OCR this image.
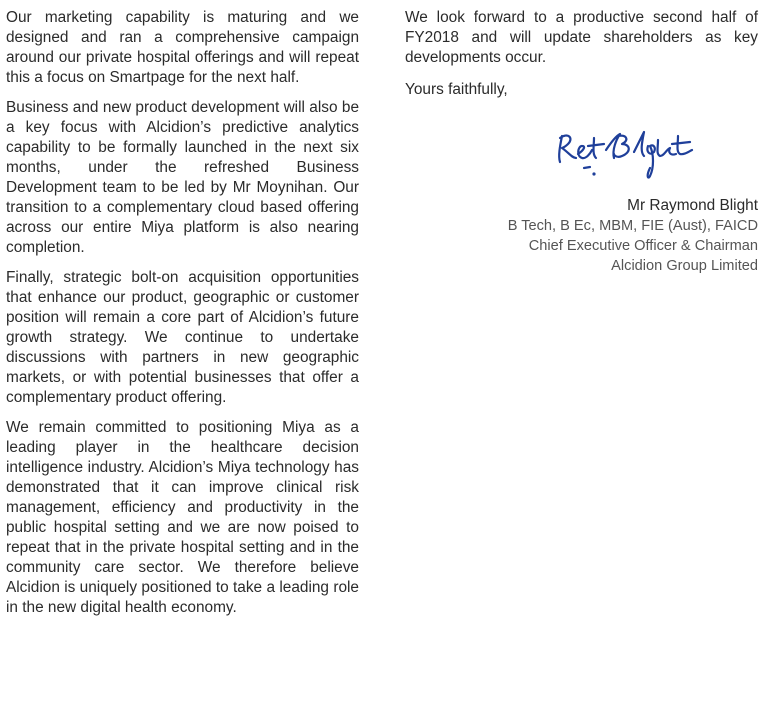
Our marketing capability is maturing and we designed and ran a comprehensive campaign around our private hospital offerings and will repeat this a focus on Smartpage for the next half.

Business and new product development will also be a key focus with Alcidion’s predictive analytics capability to be formally launched in the next six months, under the refreshed Business Development team to be led by Mr Moynihan. Our transition to a complementary cloud based offering across our entire Miya platform is also nearing completion.

Finally, strategic bolt-on acquisition opportunities that enhance our product, geographic or customer position will remain a core part of Alcidion’s future growth strategy. We continue to undertake discussions with partners in new geographic markets, or with potential businesses that offer a complementary product offering.

We remain committed to positioning Miya as a leading player in the healthcare decision intelligence industry. Alcidion’s Miya technology has demonstrated that it can improve clinical risk management, efficiency and productivity in the public hospital setting and we are now poised to repeat that in the private hospital setting and in the community care sector. We therefore believe Alcidion is uniquely positioned to take a leading role in the new digital health economy.

We look forward to a productive second half of FY2018 and will update shareholders as key developments occur.

Yours faithfully,

Mr Raymond Blight
B Tech, B Ec, MBM, FIE (Aust), FAICD
Chief Executive Officer & Chairman
Alcidion Group Limited
